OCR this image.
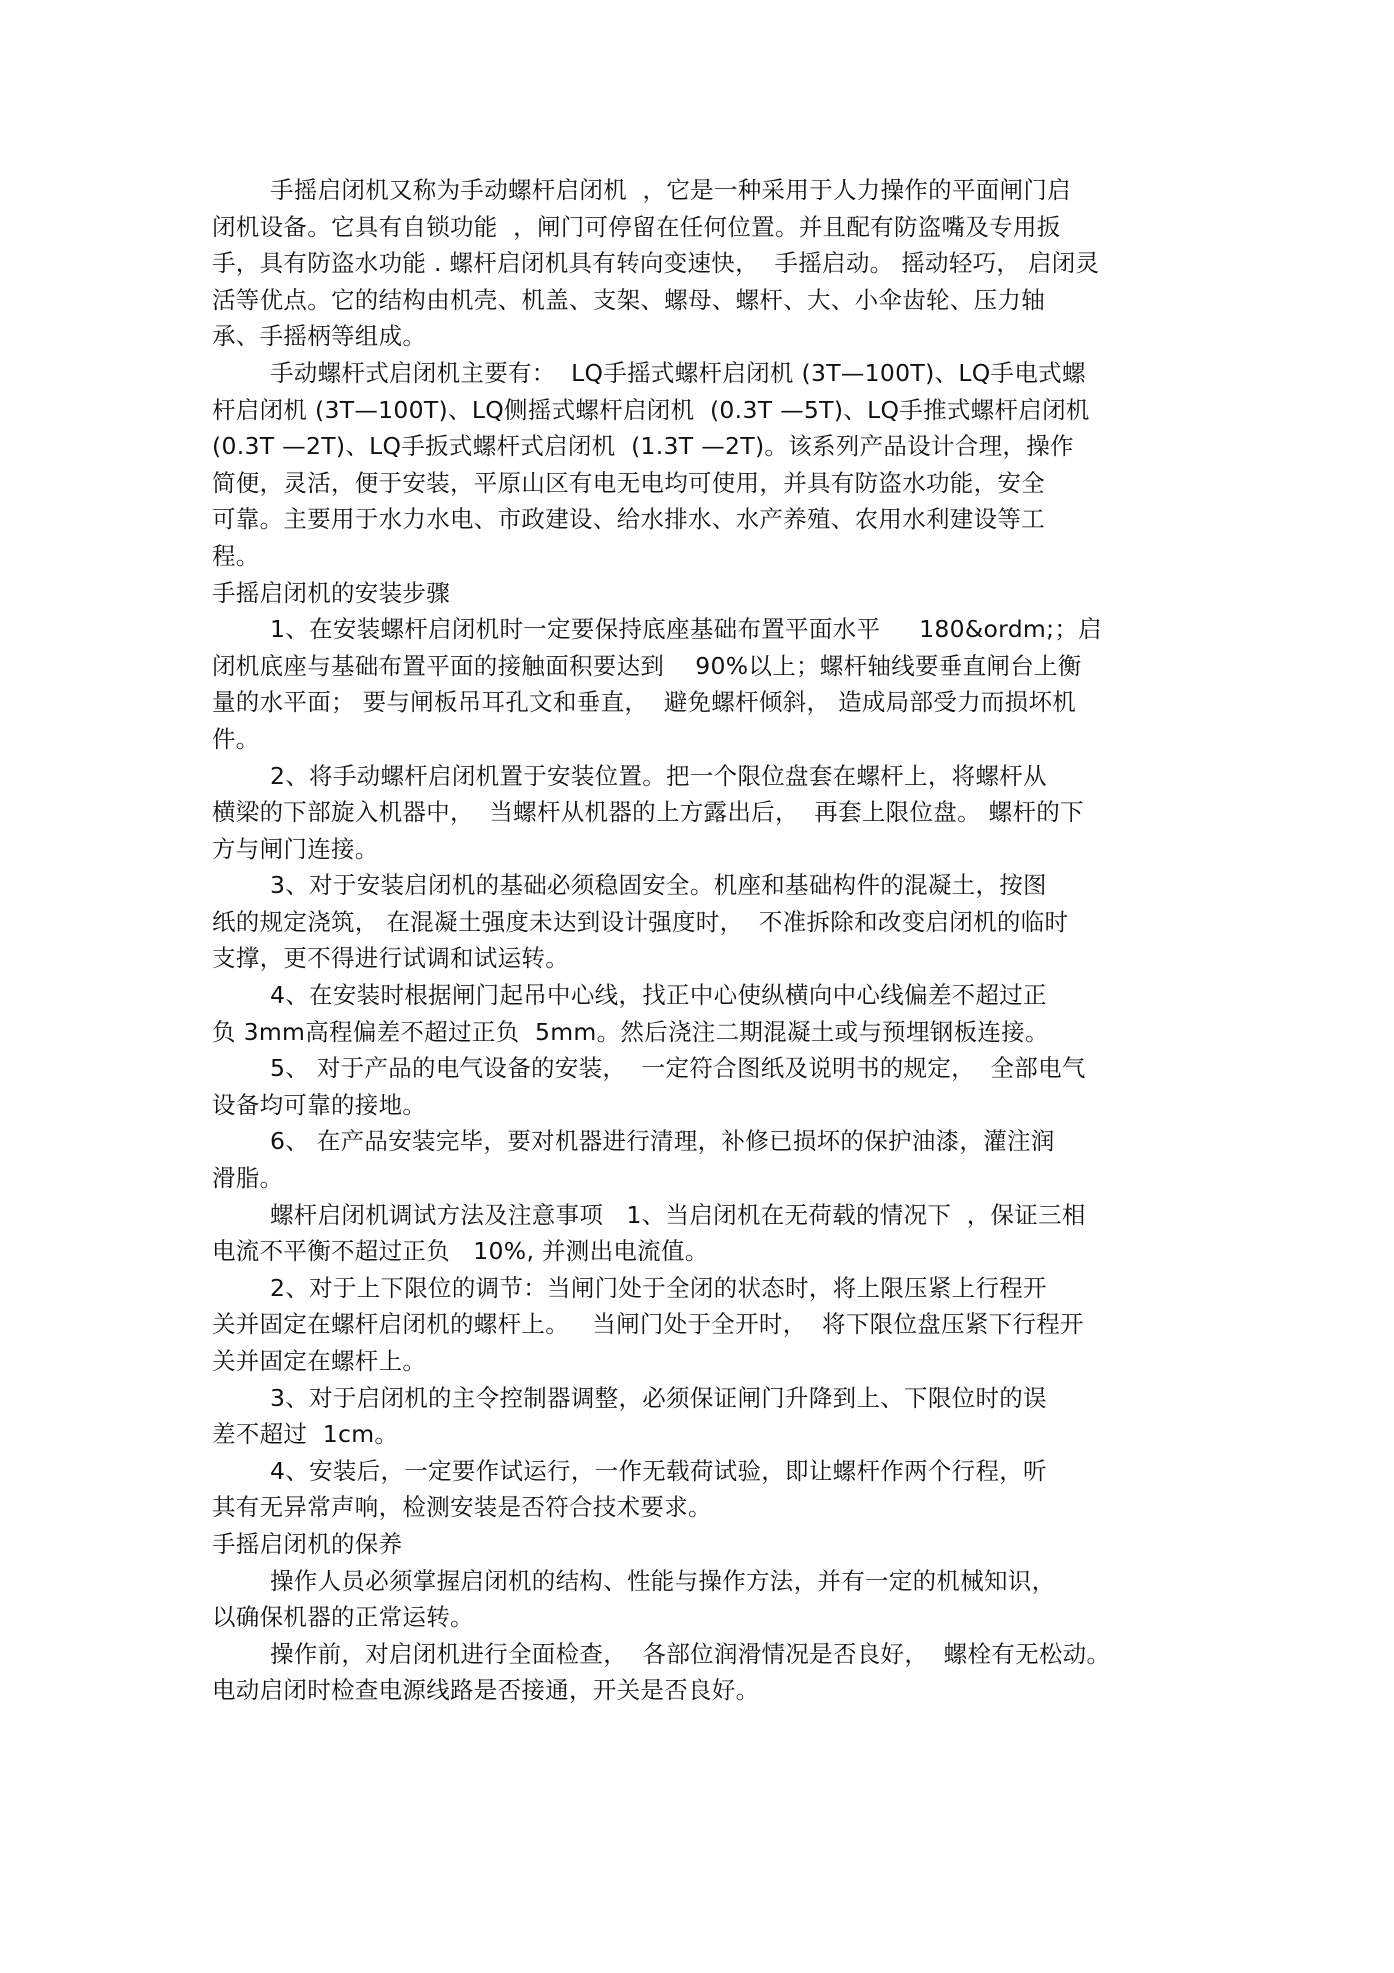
手摇启闭机又称为手动螺杆启闭机  ，它是一种采用于人力操作的平面闸门启
闭机设备。它具有自锁功能  ，闸门可停留在任何位置。并且配有防盗嘴及专用扳
手，具有防盗水功能 . 螺杆启闭机具有转向变速快，  手摇启动。 摇动轻巧， 启闭灵
活等优点。它的结构由机壳、机盖、支架、螺母、螺杆、大、小伞齿轮、压力轴
承、手摇柄等组成。
手动螺杆式启闭机主要有：  LQ手摇式螺杆启闭机 (3T—100T)、LQ手电式螺
杆启闭机 (3T—100T)、LQ侧摇式螺杆启闭机  (0.3T —5T)、LQ手推式螺杆启闭机
(0.3T —2T)、LQ手扳式螺杆式启闭机  (1.3T —2T)。该系列产品设计合理，操作
简便，灵活，便于安装，平原山区有电无电均可使用，并具有防盗水功能，安全
可靠。主要用于水力水电、市政建设、给水排水、水产养殖、农用水利建设等工
程。
手摇启闭机的安装步骤
1、在安装螺杆启闭机时一定要保持底座基础布置平面水平     180&ordm;；启
闭机底座与基础布置平面的接触面积要达到    90%以上；螺杆轴线要垂直闸台上衡
量的水平面； 要与闸板吊耳孔文和垂直，  避免螺杆倾斜， 造成局部受力而损坏机
件。
2、将手动螺杆启闭机置于安装位置。把一个限位盘套在螺杆上，将螺杆从
横梁的下部旋入机器中，  当螺杆从机器的上方露出后，  再套上限位盘。 螺杆的下
方与闸门连接。
3、对于安装启闭机的基础必须稳固安全。机座和基础构件的混凝土，按图
纸的规定浇筑， 在混凝土强度未达到设计强度时，  不准拆除和改变启闭机的临时
支撑，更不得进行试调和试运转。
4、在安装时根据闸门起吊中心线，找正中心使纵横向中心线偏差不超过正
负 3mm高程偏差不超过正负  5mm。然后浇注二期混凝土或与预埋钢板连接。
5、 对于产品的电气设备的安装，  一定符合图纸及说明书的规定，  全部电气
设备均可靠的接地。
6、 在产品安装完毕，要对机器进行清理，补修已损坏的保护油漆，灌注润
滑脂。
螺杆启闭机调试方法及注意事项   1、当启闭机在无荷载的情况下  ，保证三相
电流不平衡不超过正负   10%, 并测出电流值。
2、对于上下限位的调节：当闸门处于全闭的状态时，将上限压紧上行程开
关并固定在螺杆启闭机的螺杆上。   当闸门处于全开时，  将下限位盘压紧下行程开
关并固定在螺杆上。
3、对于启闭机的主令控制器调整，必须保证闸门升降到上、下限位时的误
差不超过  1cm。
4、安装后，一定要作试运行，一作无载荷试验，即让螺杆作两个行程，听
其有无异常声响，检测安装是否符合技术要求。
手摇启闭机的保养
操作人员必须掌握启闭机的结构、性能与操作方法，并有一定的机械知识，
以确保机器的正常运转。
操作前，对启闭机进行全面检查，  各部位润滑情况是否良好，  螺栓有无松动。
电动启闭时检查电源线路是否接通，开关是否良好。
